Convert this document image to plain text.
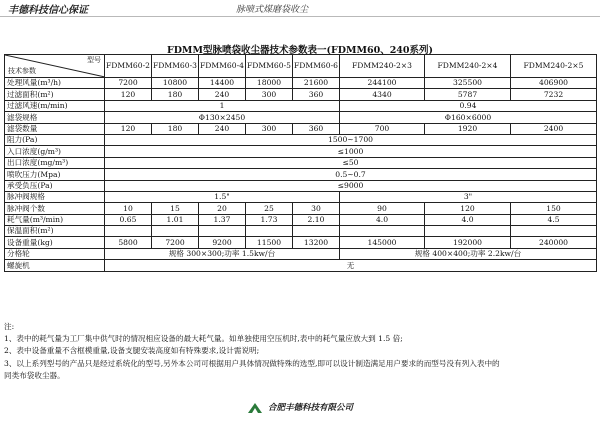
丰德科技信心保证	脉喷式煤磨袋收尘
FDMM型脉喷袋收尘器技术参数表一(FDMM60、240系列)
型号
技术参数	FDMM60-2	FDMM60-3	FDMM60-4	FDMM60-5	FDMM60-6	FDMM240-2×3	FDMM240-2×4	FDMM240-2×5
处理风量(m³/h)	7200	10800	14400	18000	21600	244100	325500	406900
过滤面积(m²)	120	180	240	300	360	4340	5787	7232
过滤风速(m/min)	1					0.94		
滤袋规格	Φ130×2450					Φ160×6000		
滤袋数量	120	180	240	300	360	700	1920	2400
阻力(Pa)	1500~1700							
入口浓度(g/m³)	≤1000							
出口浓度(mg/m³)	≤50							
喷吹压力(Mpa)	0.5~0.7							
承受负压(Pa)	≤9000							
脉冲阀规格	1.5"					3"		
脉冲阀个数	10	15	20	25	30	90	120	150
耗气量(m³/min)	0.65	1.01	1.37	1.73	2.10	4.0	4.0	4.5
保温面积(m²)								
设备重量(kg)	5800	7200	9200	11500	13200	145000	192000	240000
分格轮	规格 300×300;功率 1.5kw/台					规格 400×400;功率 2.2kw/台		
螺旋机	无							
注:
1、表中的耗气量为工厂集中供气时的情况相应设备的最大耗气量。如单独使用空压机时,表中的耗气量应放大到 1.5 倍;
2、表中设备重量不含框模重量,设备支腿安装高度如有特殊要求,设计需说明;
3、以上系列型号的产品只是经过系统化的型号,另外本公司可根据用户具体情况做特殊的选型,即可以设计制造满足用户要求的而型号没有列入表中的
同类布袋收尘器。
合肥丰德科技有限公司
